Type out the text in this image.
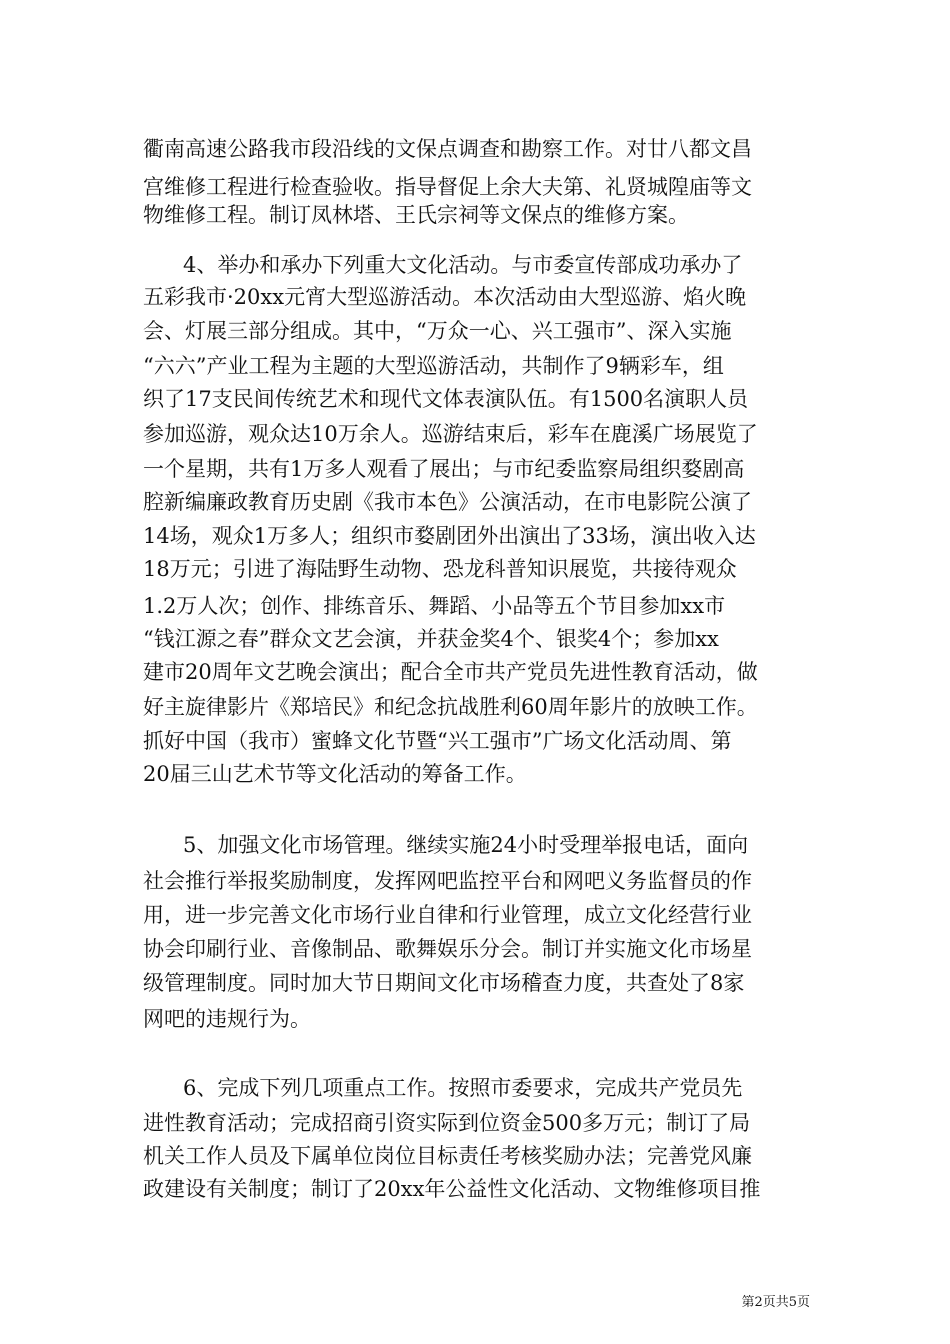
衢南高速公路我市段沿线的文保点调查和勘察工作。对廿八都文昌
宫维修工程进行检查验收。指导督促上余大夫第、礼贤城隍庙等文
物维修工程。制订凤林塔、王氏宗祠等文保点的维修方案。
4、举办和承办下列重大文化活动。与市委宣传部成功承办了
五彩我市·20xx元宵大型巡游活动。本次活动由大型巡游、焰火晚
会、灯展三部分组成。其中，“万众一心、兴工强市”、深入实施
“六六”产业工程为主题的大型巡游活动，共制作了9辆彩车，组
织了17支民间传统艺术和现代文体表演队伍。有1500名演职人员
参加巡游，观众达10万余人。巡游结束后，彩车在鹿溪广场展览了
一个星期，共有1万多人观看了展出；与市纪委监察局组织婺剧高
腔新编廉政教育历史剧《我市本色》公演活动，在市电影院公演了
14场，观众1万多人；组织市婺剧团外出演出了33场，演出收入达
18万元；引进了海陆野生动物、恐龙科普知识展览，共接待观众
1.2万人次；创作、排练音乐、舞蹈、小品等五个节目参加xx市
“钱江源之春”群众文艺会演，并获金奖4个、银奖4个；参加xx
建市20周年文艺晚会演出；配合全市共产党员先进性教育活动，做
好主旋律影片《郑培民》和纪念抗战胜利60周年影片的放映工作。
抓好中国（我市）蜜蜂文化节暨“兴工强市”广场文化活动周、第
20届三山艺术节等文化活动的筹备工作。
5、加强文化市场管理。继续实施24小时受理举报电话，面向
社会推行举报奖励制度，发挥网吧监控平台和网吧义务监督员的作
用，进一步完善文化市场行业自律和行业管理，成立文化经营行业
协会印刷行业、音像制品、歌舞娱乐分会。制订并实施文化市场星
级管理制度。同时加大节日期间文化市场稽查力度，共查处了8家
网吧的违规行为。
6、完成下列几项重点工作。按照市委要求，完成共产党员先
进性教育活动；完成招商引资实际到位资金500多万元；制订了局
机关工作人员及下属单位岗位目标责任考核奖励办法；完善党风廉
政建设有关制度；制订了20xx年公益性文化活动、文物维修项目推
第2页共5页
